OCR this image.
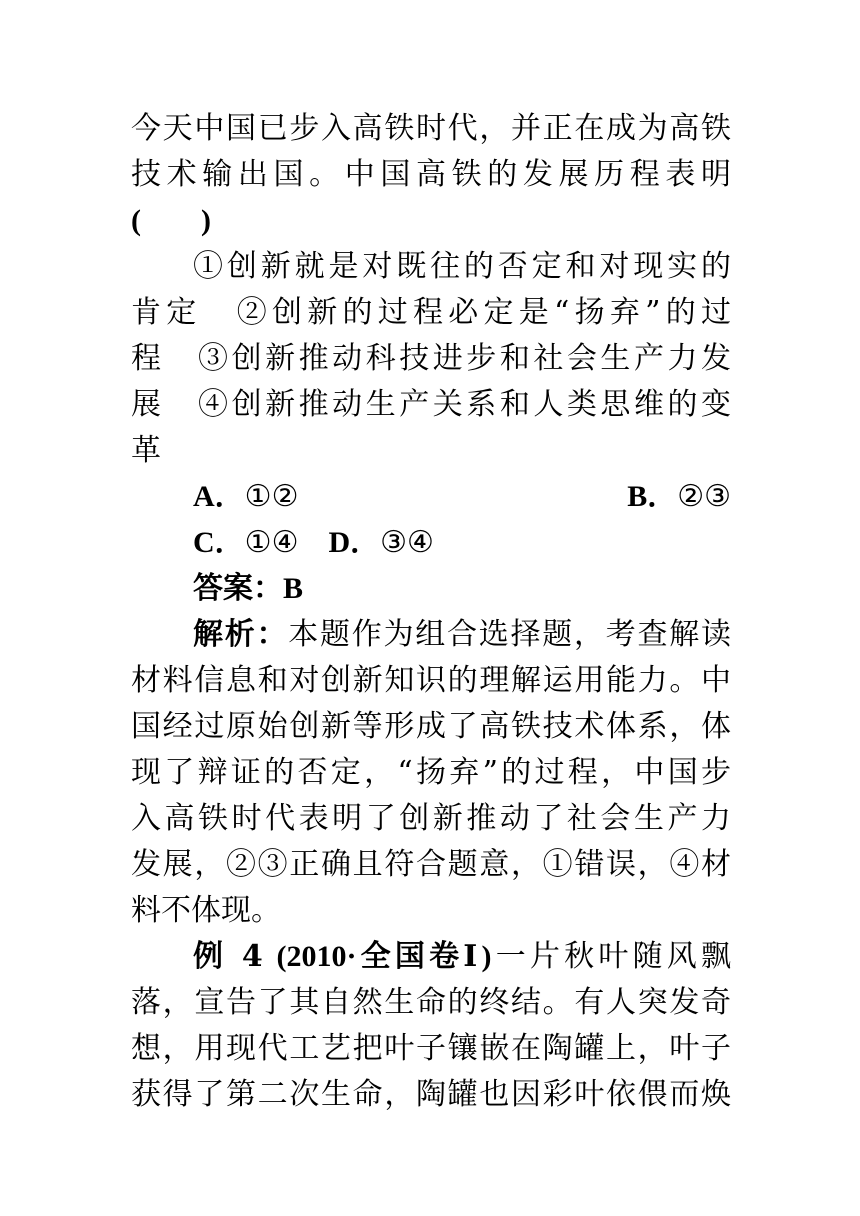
今天中国已步入高铁时代，并正在成为高铁
技术输出国。中国高铁的发展历程表明
(　　)
①创新就是对既往的否定和对现实的
肯定　②创新的过程必定是“扬弃”的过
程　③创新推动科技进步和社会生产力发
展　④创新推动生产关系和人类思维的变
革
A．①②	B．②③
C．①④ D．③④
答案：B
解析：本题作为组合选择题，考查解读
材料信息和对创新知识的理解运用能力。中
国经过原始创新等形成了高铁技术体系，体
现了辩证的否定，“扬弃”的过程，中国步
入高铁时代表明了创新推动了社会生产力
发展，②③正确且符合题意，①错误，④材
料不体现。
例 4 (2010·全国卷Ⅰ)一片秋叶随风飘
落，宣告了其自然生命的终结。有人突发奇
想，用现代工艺把叶子镶嵌在陶罐上，叶子
获得了第二次生命，陶罐也因彩叶依偎而焕
